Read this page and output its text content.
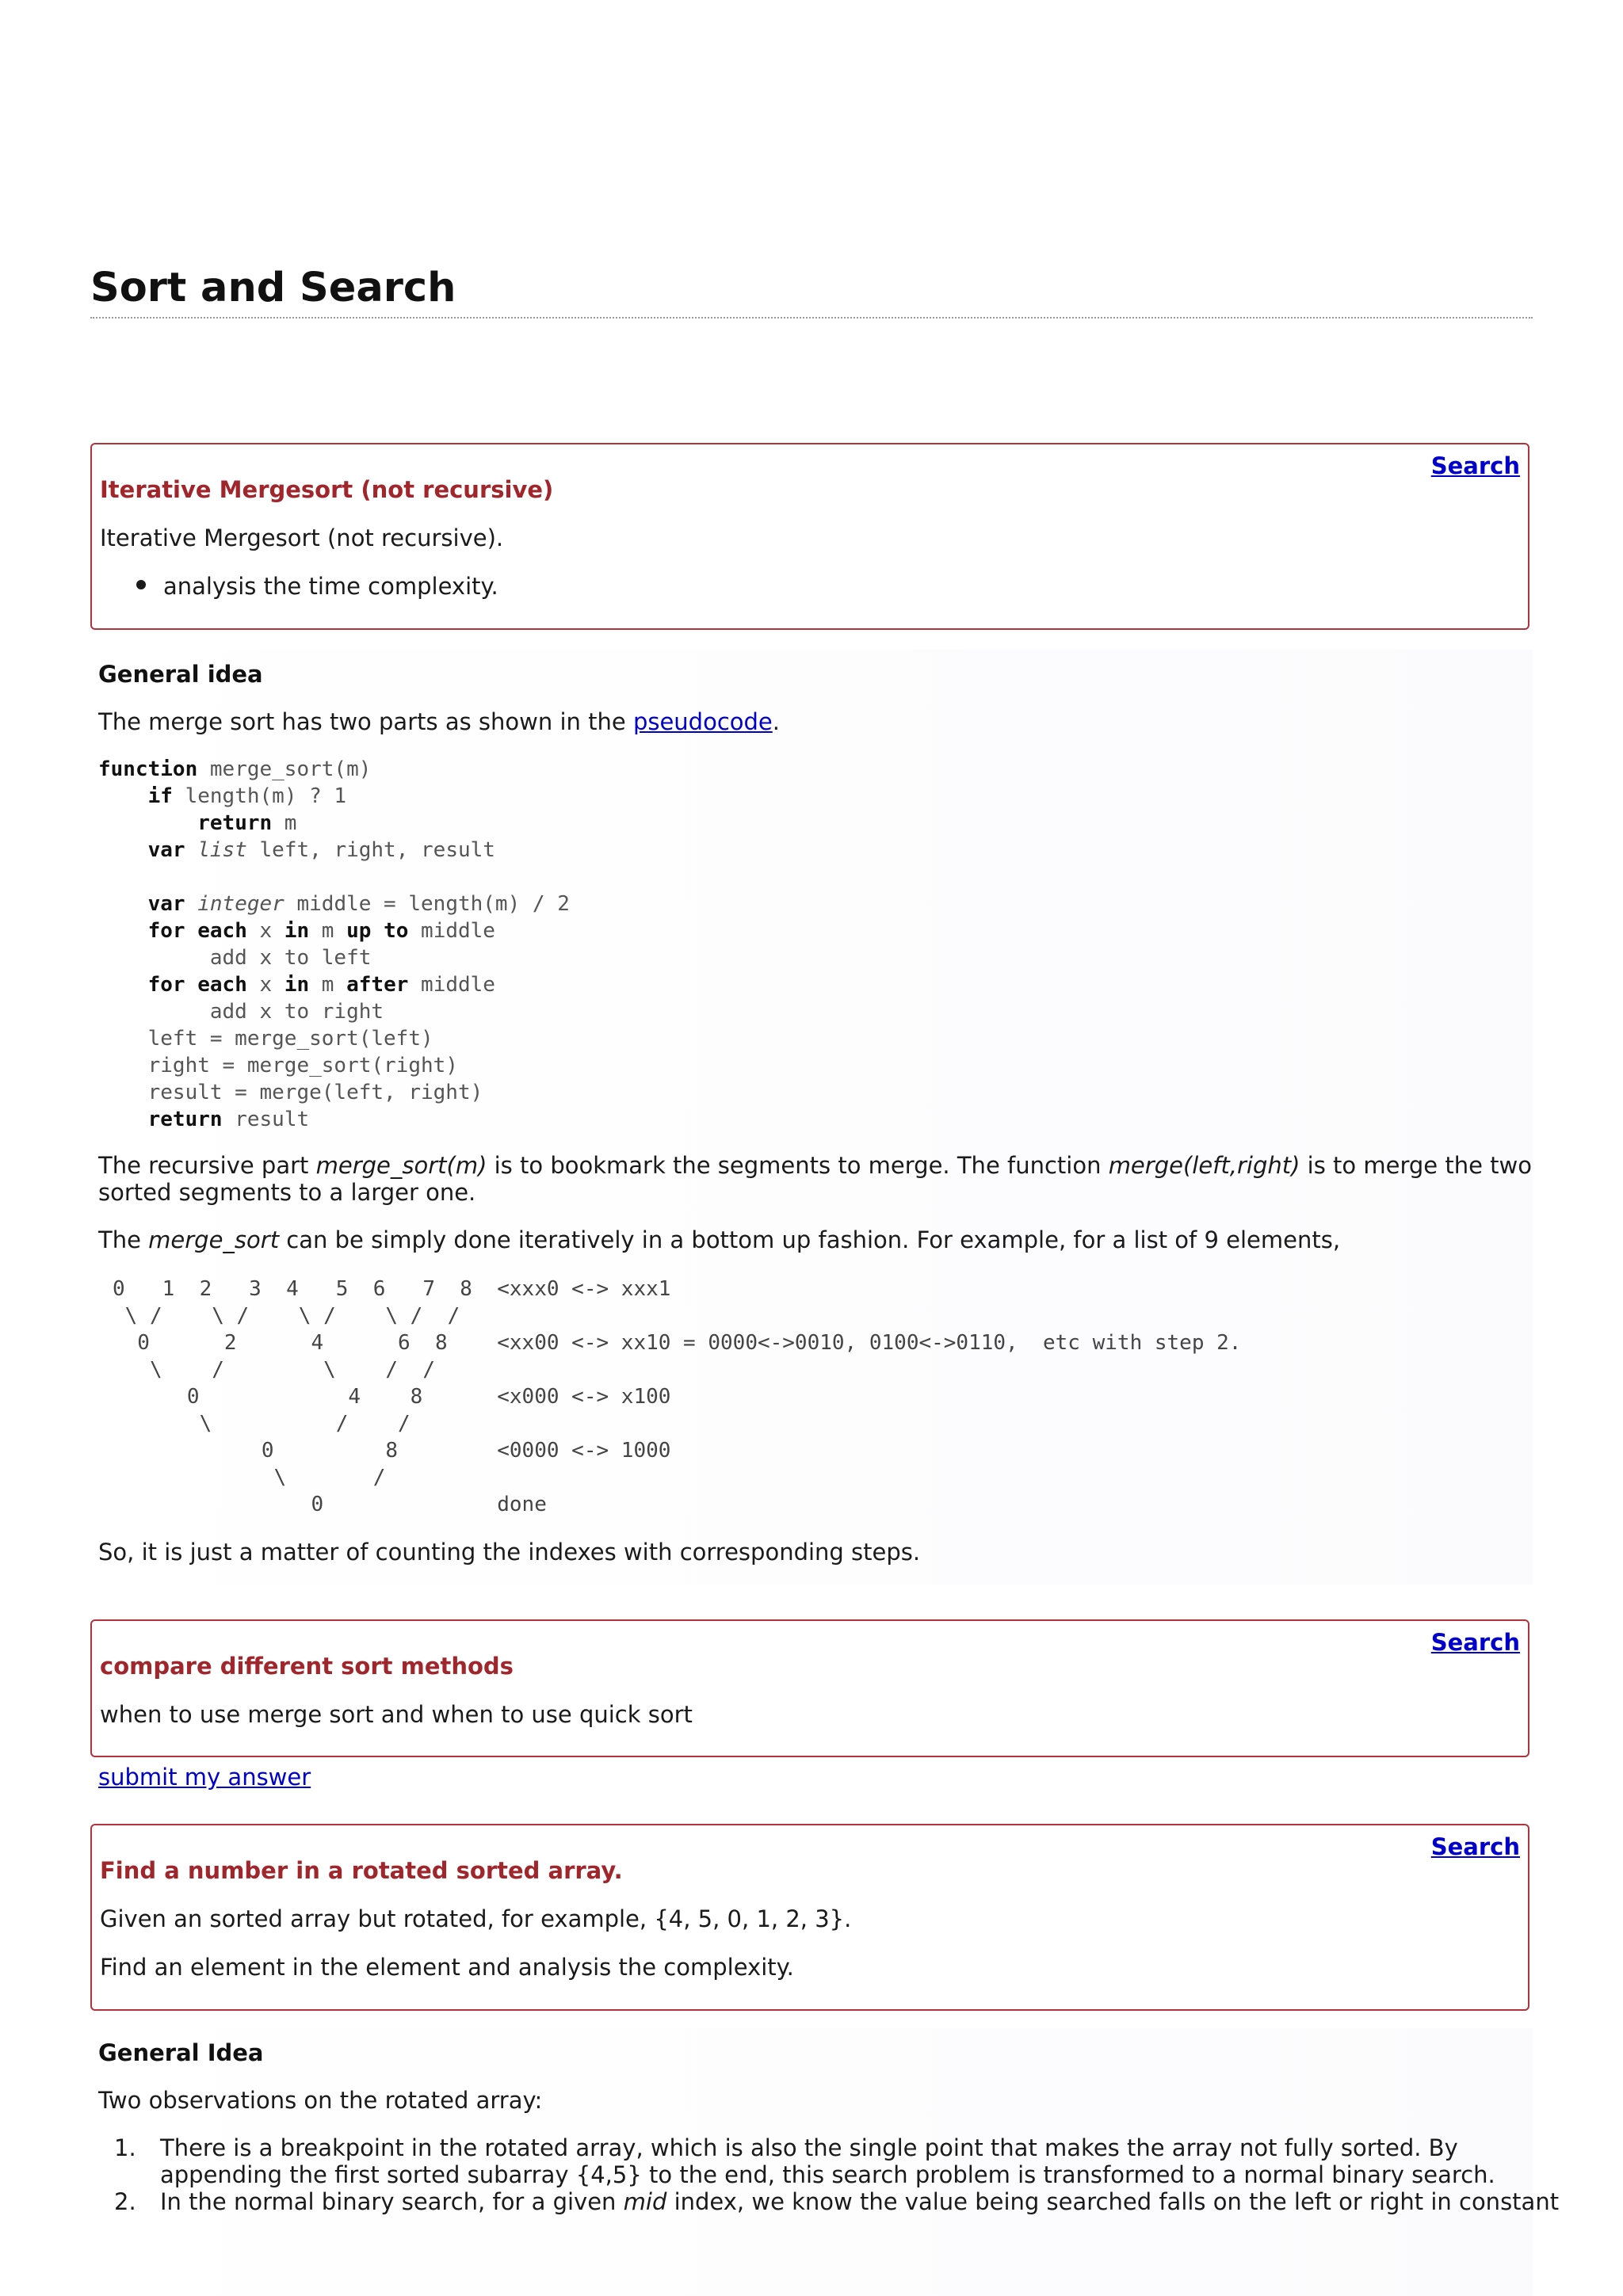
Sort and Search
Search
Iterative Mergesort (not recursive)
Iterative Mergesort (not recursive).
analysis the time complexity.
General idea
The merge sort has two parts as shown in the pseudocode.
function merge_sort(m)
if length(m) ? 1
return m
var list left, right, result

var integer middle = length(m) / 2
for each x in m up to middle
add x to left
for each x in m after middle
add x to right
left = merge_sort(left)
right = merge_sort(right)
result = merge(left, right)
return result
The recursive part merge_sort(m) is to bookmark the segments to merge. The function merge(left,right) is to merge the two
sorted segments to a larger one.
The merge_sort can be simply done iteratively in a bottom up fashion. For example, for a list of 9 elements,
0   1  2   3  4   5  6   7  8  <xxx0 <-> xxx1
\ /    \ /    \ /    \ /  /
0      2      4      6  8    <xx00 <-> xx10 = 0000<->0010, 0100<->0110,  etc with step 2.
\    /        \    /  /
0            4    8      <x000 <-> x100
\          /    /
0         8        <0000 <-> 1000
\       /
0              done
So, it is just a matter of counting the indexes with corresponding steps.
Search
compare different sort methods
when to use merge sort and when to use quick sort
submit my answer
Search
Find a number in a rotated sorted array.
Given an sorted array but rotated, for example, {4, 5, 0, 1, 2, 3}.
Find an element in the element and analysis the complexity.
General Idea
Two observations on the rotated array:
1. There is a breakpoint in the rotated array, which is also the single point that makes the array not fully sorted. By
appending the first sorted subarray {4,5} to the end, this search problem is transformed to a normal binary search.
2. In the normal binary search, for a given mid index, we know the value being searched falls on the left or right in constant
